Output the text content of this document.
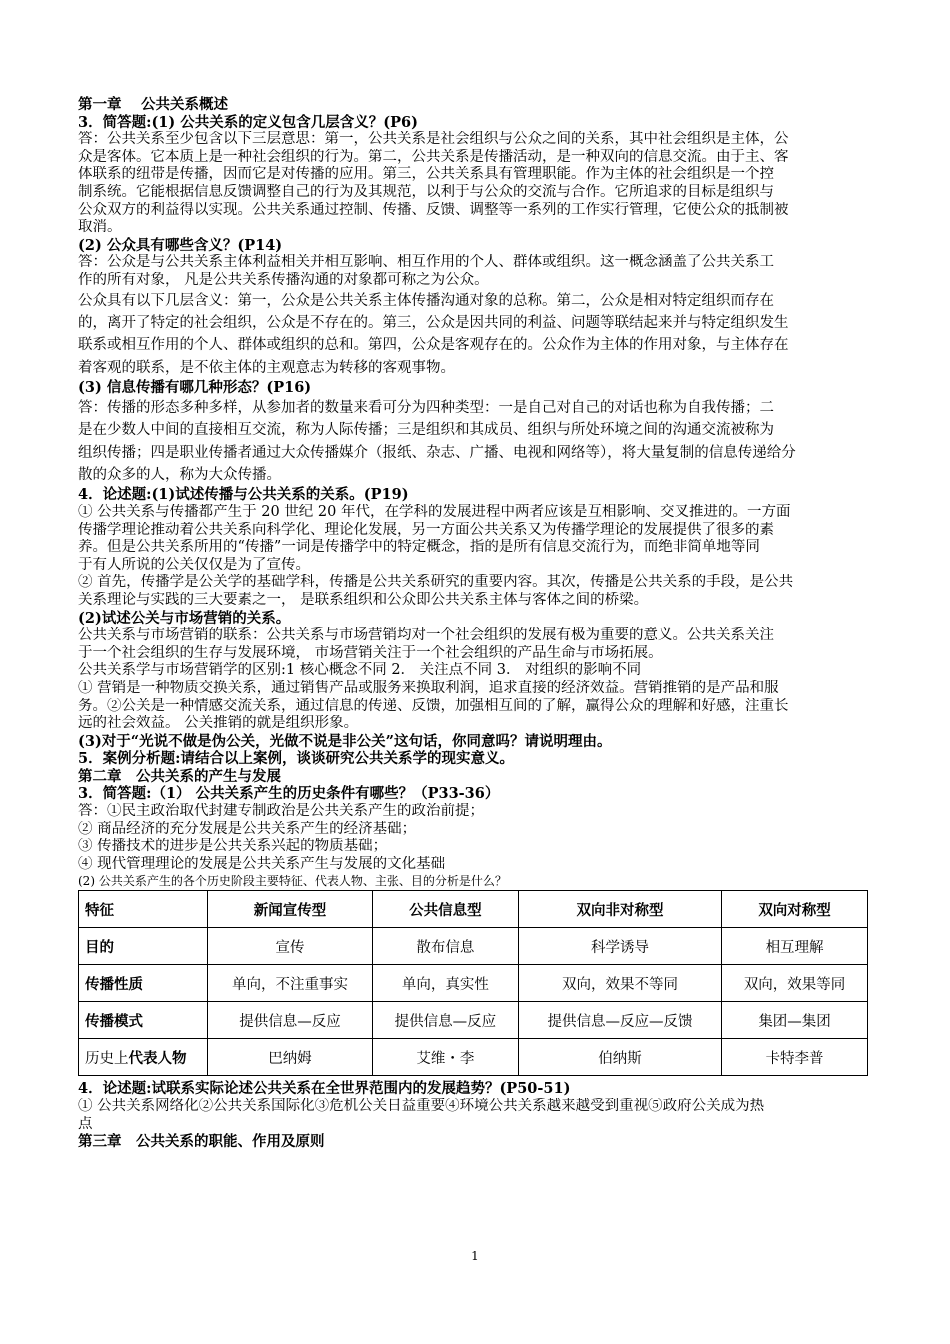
第一章　 公共关系概述
3．简答题:(1) 公共关系的定义包含几层含义？(P6)
答：公共关系至少包含以下三层意思：第一，公共关系是社会组织与公众之间的关系，其中社会组织是主体，公
众是客体。它本质上是一种社会组织的行为。第二，公共关系是传播活动，是一种双向的信息交流。由于主、客
体联系的纽带是传播，因而它是对传播的应用。第三，公共关系具有管理职能。作为主体的社会组织是一个控
制系统。它能根据信息反馈调整自己的行为及其规范，以利于与公众的交流与合作。它所追求的目标是组织与
公众双方的利益得以实现。公共关系通过控制、传播、反馈、调整等一系列的工作实行管理，它使公众的抵制被
取消。
(2) 公众具有哪些含义？(P14)
答：公众是与公共关系主体利益相关并相互影响、相互作用的个人、群体或组织。这一概念涵盖了公共关系工
作的所有对象， 凡是公共关系传播沟通的对象都可称之为公众。
公众具有以下几层含义：第一，公众是公共关系主体传播沟通对象的总称。第二，公众是相对特定组织而存在
的，离开了特定的社会组织，公众是不存在的。第三，公众是因共同的利益、问题等联结起来并与特定组织发生
联系或相互作用的个人、群体或组织的总和。第四，公众是客观存在的。公众作为主体的作用对象，与主体存在
着客观的联系，是不依主体的主观意志为转移的客观事物。
(3) 信息传播有哪几种形态？(P16)
答：传播的形态多种多样，从参加者的数量来看可分为四种类型：一是自己对自己的对话也称为自我传播；二
是在少数人中间的直接相互交流，称为人际传播；三是组织和其成员、组织与所处环境之间的沟通交流被称为
组织传播；四是职业传播者通过大众传播媒介（报纸、杂志、广播、电视和网络等），将大量复制的信息传递给分
散的众多的人，称为大众传播。
4．论述题:(1)试述传播与公共关系的关系。(P19)
① 公共关系与传播都产生于 20 世纪 20 年代，在学科的发展进程中两者应该是互相影响、交叉推进的。一方面
传播学理论推动着公共关系向科学化、理论化发展，另一方面公共关系又为传播学理论的发展提供了很多的素
养。但是公共关系所用的“传播”一词是传播学中的特定概念，指的是所有信息交流行为，而绝非简单地等同
于有人所说的公关仅仅是为了宣传。
② 首先，传播学是公关学的基础学科，传播是公共关系研究的重要内容。其次，传播是公共关系的手段，是公共
关系理论与实践的三大要素之一， 是联系组织和公众即公共关系主体与客体之间的桥梁。
(2)试述公关与市场营销的关系。
公共关系与市场营销的联系：公共关系与市场营销均对一个社会组织的发展有极为重要的意义。公共关系关注
于一个社会组织的生存与发展环境， 市场营销关注于一个社会组织的产品生命与市场拓展。
公共关系学与市场营销学的区别:1 核心概念不同 2． 关注点不同 3． 对组织的影响不同
① 营销是一种物质交换关系，通过销售产品或服务来换取利润，追求直接的经济效益。营销推销的是产品和服
务。②公关是一种情感交流关系，通过信息的传递、反馈，加强相互间的了解，赢得公众的理解和好感，注重长
远的社会效益。 公关推销的就是组织形象。
(3)对于“光说不做是伪公关，光做不说是非公关”这句话，你同意吗？请说明理由。
5．案例分析题:请结合以上案例，谈谈研究公共关系学的现实意义。
第二章　公共关系的产生与发展
3．简答题:（1） 公共关系产生的历史条件有哪些？（P33-36）
答：①民主政治取代封建专制政治是公共关系产生的政治前提；
② 商品经济的充分发展是公共关系产生的经济基础；
③ 传播技术的进步是公共关系兴起的物质基础；
④ 现代管理理论的发展是公共关系产生与发展的文化基础
(2) 公共关系产生的各个历史阶段主要特征、代表人物、主张、目的分析是什么？
特征	新闻宣传型	公共信息型	双向非对称型	双向对称型
目的	宣传	散布信息	科学诱导	相互理解
传播性质	单向，不注重事实	单向，真实性	双向，效果不等同	双向，效果等同
传播模式	提供信息—反应	提供信息—反应	提供信息—反应—反馈	集团—集团
历史上代表人物	巴纳姆	艾维・李	伯纳斯	卡特李普
4．论述题:试联系实际论述公共关系在全世界范围内的发展趋势？(P50-51)
① 公共关系网络化②公共关系国际化③危机公关日益重要④环境公共关系越来越受到重视⑤政府公关成为热
点
第三章　公共关系的职能、作用及原则
1
